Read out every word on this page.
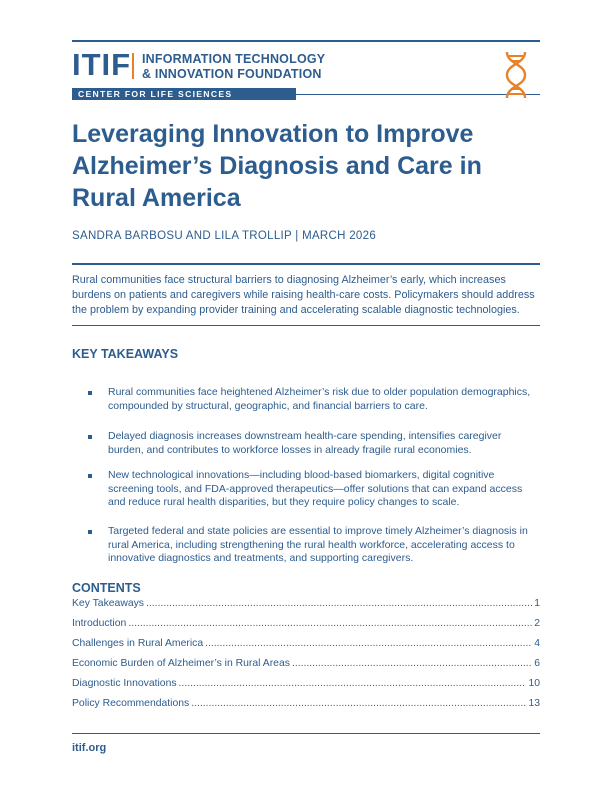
ITIF INFORMATION TECHNOLOGY
& INNOVATION FOUNDATION
CENTER FOR LIFE SCIENCES INNOVATION
Leveraging Innovation to Improve Alzheimer’s Diagnosis and Care in Rural America
SANDRA BARBOSU AND LILA TROLLIP | MARCH 2026
Rural communities face structural barriers to diagnosing Alzheimer’s early, which increases burdens on patients and caregivers while raising health-care costs. Policymakers should address the problem by expanding provider training and accelerating scalable diagnostic technologies.
KEY TAKEAWAYS
Rural communities face heightened Alzheimer’s risk due to older population demographics, compounded by structural, geographic, and financial barriers to care.
Delayed diagnosis increases downstream health-care spending, intensifies caregiver burden, and contributes to workforce losses in already fragile rural economies.
New technological innovations—including blood-based biomarkers, digital cognitive screening tools, and FDA-approved therapeutics—offer solutions that can expand access and reduce rural health disparities, but they require policy changes to scale.
Targeted federal and state policies are essential to improve timely Alzheimer’s diagnosis in rural America, including strengthening the rural health workforce, accelerating access to innovative diagnostics and treatments, and supporting caregivers.
CONTENTS
Key Takeaways .....	1
Introduction .....	2
Challenges in Rural America .....	4
Economic Burden of Alzheimer’s in Rural Areas .....	6
Diagnostic Innovations .....	10
Policy Recommendations .....	13
itif.org
